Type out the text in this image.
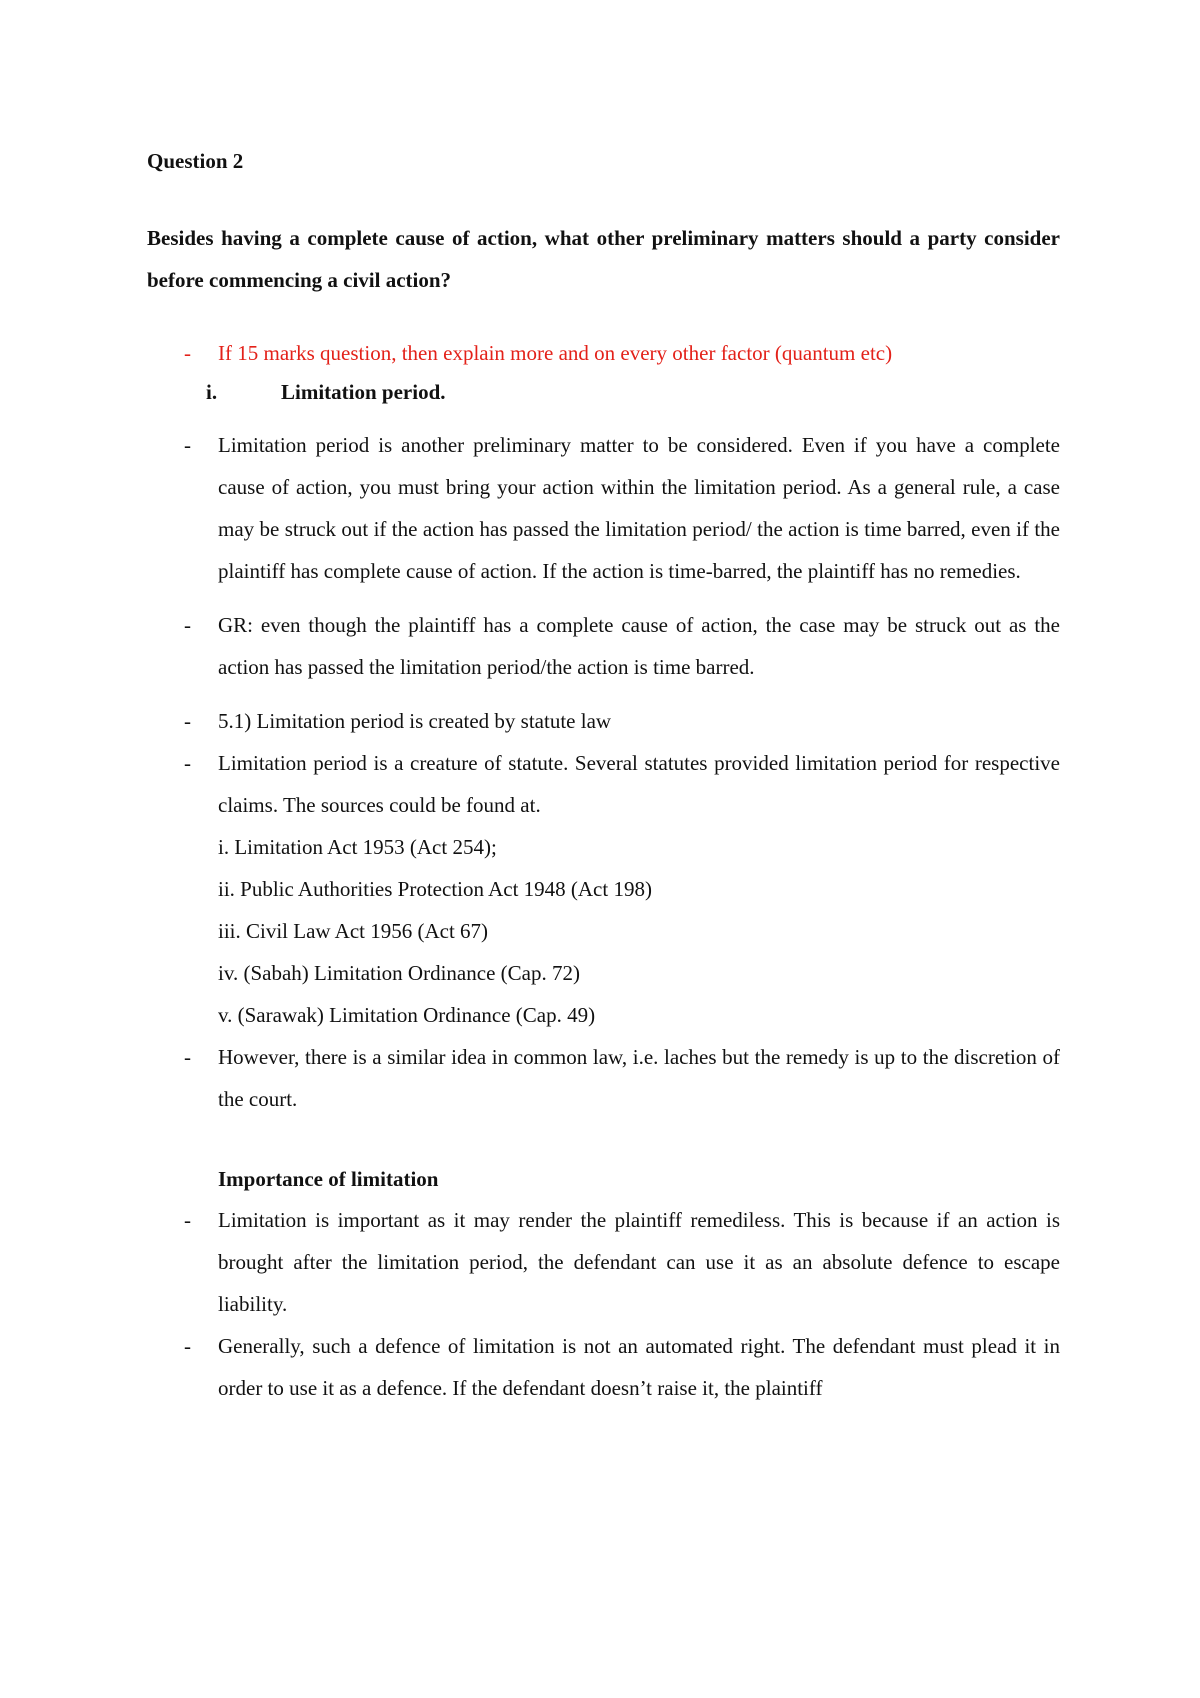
Question 2

Besides having a complete cause of action, what other preliminary matters should a party consider before commencing a civil action?

- If 15 marks question, then explain more and on every other factor (quantum etc)

i.	Limitation period.

- Limitation period is another preliminary matter to be considered. Even if you have a complete cause of action, you must bring your action within the limitation period. As a general rule, a case may be struck out if the action has passed the limitation period/ the action is time barred, even if the plaintiff has complete cause of action. If the action is time-barred, the plaintiff has no remedies.
- GR: even though the plaintiff has a complete cause of action, the case may be struck out as the action has passed the limitation period/the action is time barred.
- 5.1) Limitation period is created by statute law
- Limitation period is a creature of statute. Several statutes provided limitation period for respective claims. The sources could be found at.
i. Limitation Act 1953 (Act 254);
ii. Public Authorities Protection Act 1948 (Act 198)
iii. Civil Law Act 1956 (Act 67)
iv. (Sabah) Limitation Ordinance (Cap. 72)
v. (Sarawak) Limitation Ordinance (Cap. 49)
- However, there is a similar idea in common law, i.e. laches but the remedy is up to the discretion of the court.

Importance of limitation

- Limitation is important as it may render the plaintiff remediless. This is because if an action is brought after the limitation period, the defendant can use it as an absolute defence to escape liability.
- Generally, such a defence of limitation is not an automated right. The defendant must plead it in order to use it as a defence. If the defendant doesn’t raise it, the plaintiff
